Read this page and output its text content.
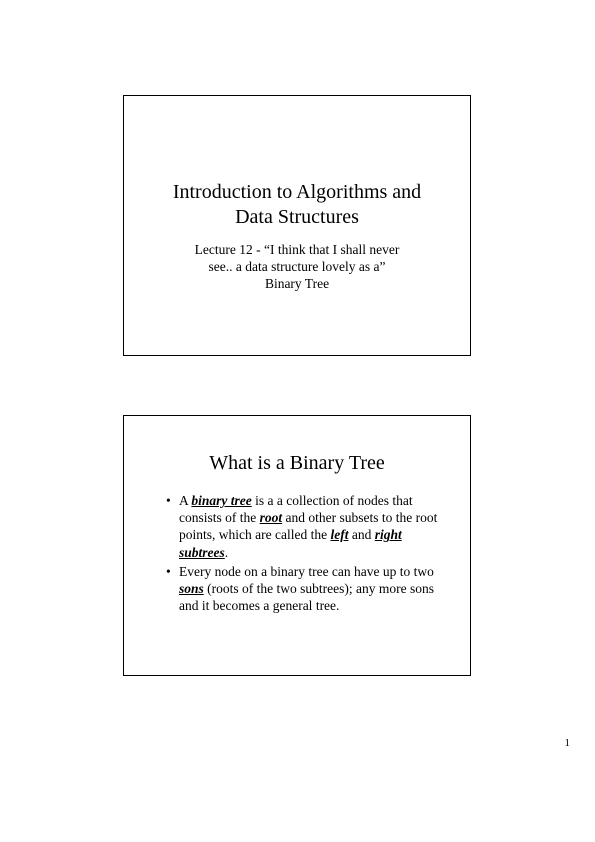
Introduction to Algorithms and
Data Structures
Lecture 12 - “I think that I shall never
see.. a data structure lovely as a”
Binary Tree
What is a Binary Tree
• A binary tree is a a collection of nodes that consists of the root and other subsets to the root points, which are called the left and right subtrees.
• Every node on a binary tree can have up to two sons (roots of the two subtrees); any more sons and it becomes a general tree.
1
